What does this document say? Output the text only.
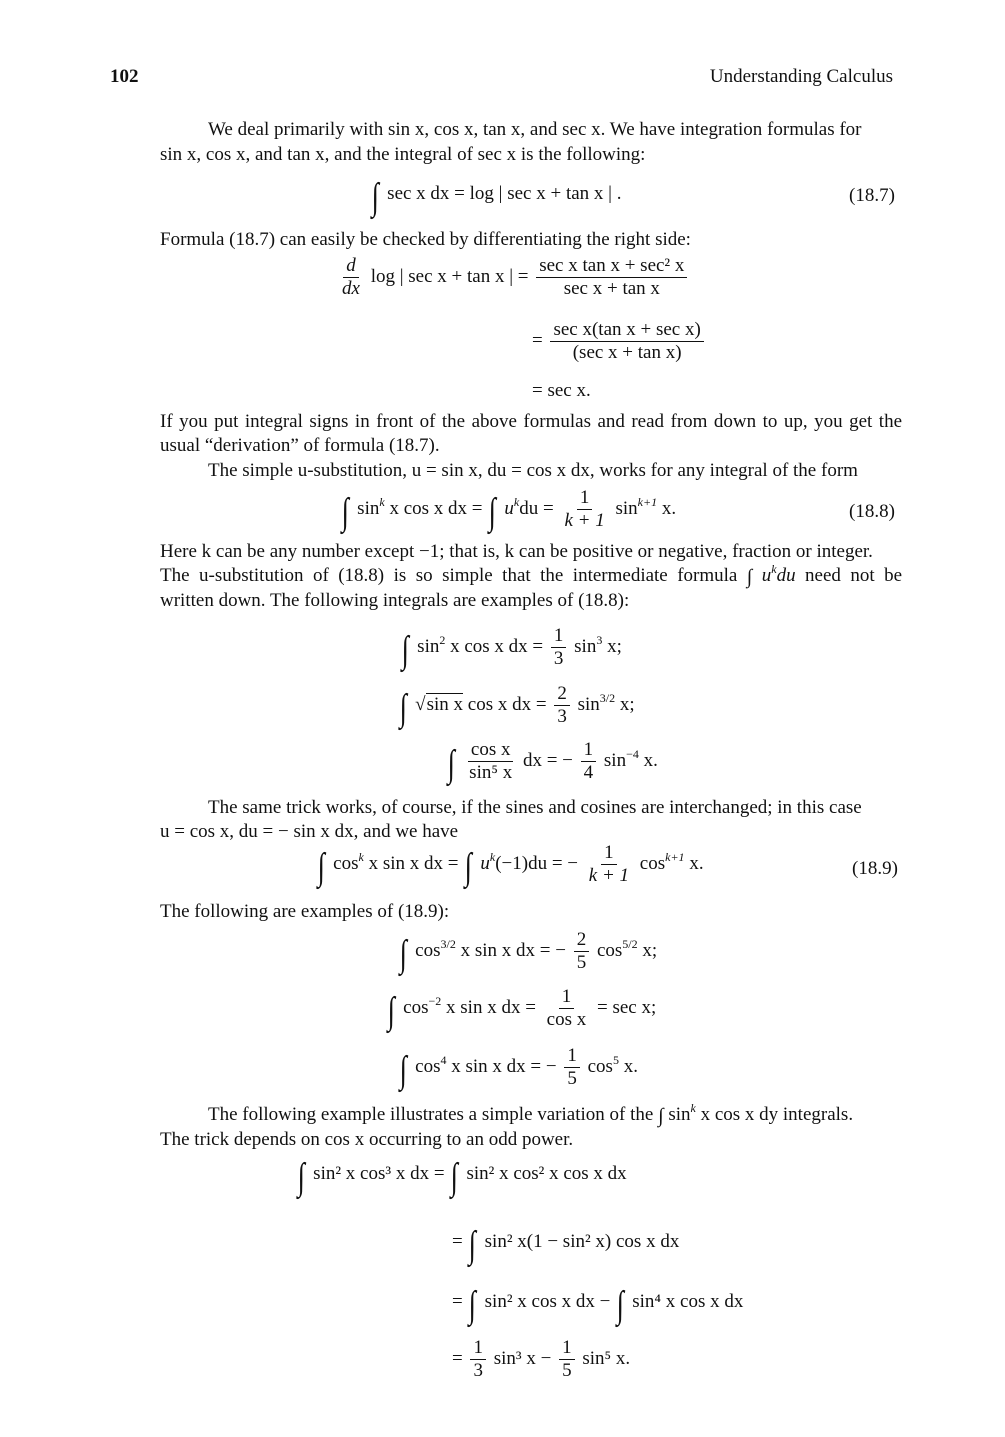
102	Understanding Calculus
We deal primarily with sin x, cos x, tan x, and sec x. We have integration formulas for
sin x, cos x, and tan x, and the integral of sec x is the following:
∫ sec x dx = log | sec x + tan x | .	(18.7)
Formula (18.7) can easily be checked by differentiating the right side:
$\frac{d}{dx}$ log | sec x + tan x | = $\frac{\text{sec x tan x + sec² x}}{\text{sec x + tan x}}$
= $\frac{\text{sec x(tan x + sec x)}}{\text{(sec x + tan x)}}$
= sec x.
If you put integral signs in front of the above formulas and read from down to up, you get the usual “derivation” of formula (18.7).
The simple u-substitution, u = sin x, du = cos x dx, works for any integral of the form
∫ $\sin^k x$ cos x dx = ∫ $u^kdu = \frac{1}{k + 1} \sin^{k+1} x$.	(18.8)
Here k can be any number except −1; that is, k can be positive or negative, fraction or integer.
The u-substitution of (18.8) is so simple that the intermediate formula ∫ $u^kdu$ need not be
written down. The following integrals are examples of (18.8):
∫ $\sin^2 x$ cos x dx = $\frac{1}{3} \sin^3 x$;
∫ √sin x cos x dx = $\frac{2}{3} \sin^{3/2} x$;
∫ $\frac{\text{cos x}}{\text{sin⁵ x}}$ dx = − $\frac{1}{4} \sin^{-4} x$.
The same trick works, of course, if the sines and cosines are interchanged; in this case
u = cos x, du = − sin x dx, and we have
∫ $\cos^k x$ sin x dx = ∫ $u^k(-1)du$ = − $\frac{1}{k + 1} \cos^{k+1} x$.	(18.9)
The following are examples of (18.9):
∫ $\cos^{3/2} x$ sin x dx = − $\frac{2}{5} \cos^{5/2} x$;
∫ $\cos^{-2} x$ sin x dx = $\frac{1}{\text{cos x}} = \sec x$;
∫ $\cos^4 x$ sin x dx = − $\frac{1}{5} \cos^5 x$.
The following example illustrates a simple variation of the ∫ $\sin^k x$ cos x dy integrals.
The trick depends on cos x occurring to an odd power.
∫ sin² x cos³ x dx = ∫ sin² x cos² x cos x dx
= ∫ sin² x(1 − sin² x) cos x dx
= ∫ sin² x cos x dx − ∫ sin⁴ x cos x dx
= $\frac{1}{3} \sin^3$ $x - \frac{1}{5} \sin^5$ x.
